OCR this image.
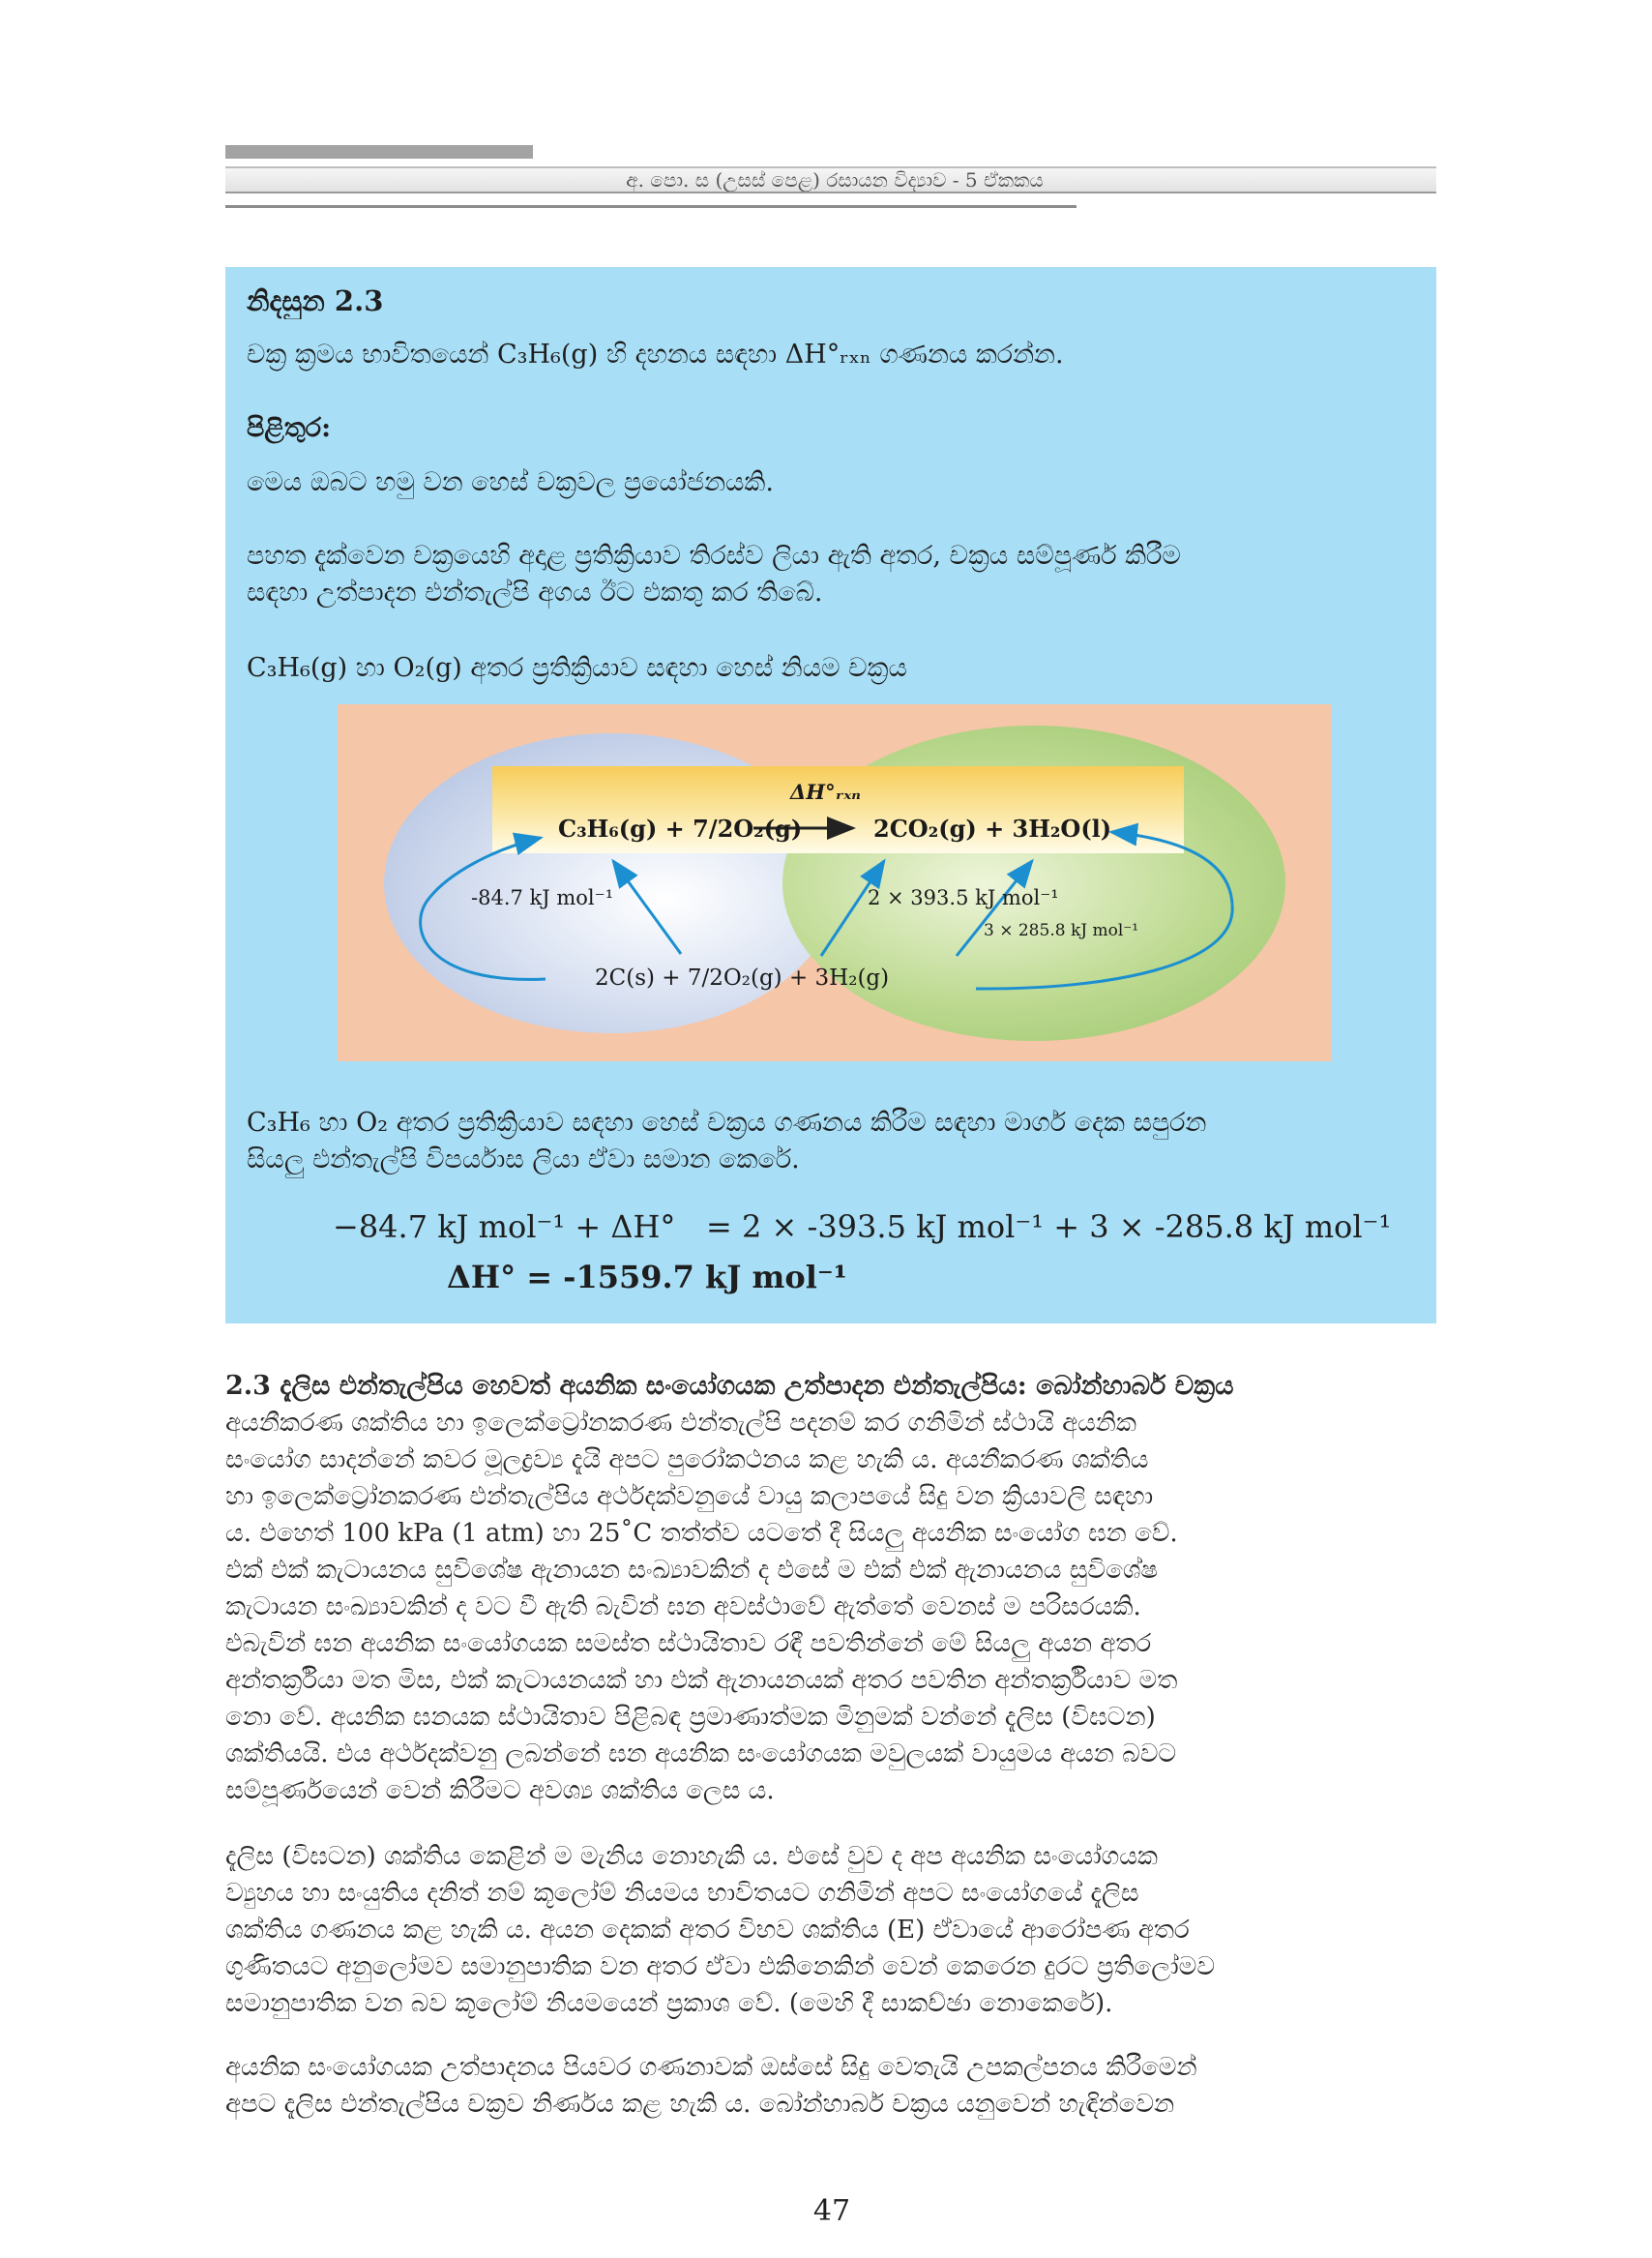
අ. පො. ස (උසස් පෙළ) රසායන විද්‍යාව - 5 ඒකකය
නිදසුන 2.3
චක්‍ර ක්‍රමය භාවිතයෙන් C₃H₆(g) හි දහනය සඳහා ΔH°ᵣₓₙ ගණනය කරන්න.
පිළිතුර:
මෙය ඔබට හමු වන හෙස් චක්‍රවල ප්‍රයෝජනයකි.
පහත දැක්වෙන චක්‍රයෙහි අදාළ ප්‍රතික්‍රියාව තිරස්ව ලියා ඇති අතර, චක්‍රය සම්පූර්ණ කිරීම
සඳහා උත්පාදන එන්තැල්පි අගය ඊට එකතු කර තිබේ.
C₃H₆(g) හා O₂(g) අතර ප්‍රතික්‍රියාව සඳහා හෙස් නියම චක්‍රය
ΔH°ᵣₓₙ
C₃H₆(g) + 7/2O₂(g)	2CO₂(g) + 3H₂O(l)
-84.7 kJ mol⁻¹	2 × 393.5 kJ mol⁻¹
3 × 285.8 kJ mol⁻¹
2C(s) + 7/2O₂(g) + 3H₂(g)
C₃H₆ හා O₂ අතර ප්‍රතික්‍රියාව සඳහා හෙස් චක්‍රය ගණනය කිරීම සඳහා මාර්ග දෙක සපුරන
සියලු එන්තැල්පි විපර්යාස ලියා ඒවා සමාන කෙරේ.
−84.7 kJ mol⁻¹ + ΔH° = 2 × -393.5 kJ mol⁻¹ + 3 × -285.8 kJ mol⁻¹
ΔH° = -1559.7 kJ mol⁻¹
2.3 දැලිස එන්තැල්පිය හෙවත් අයනික සංයෝගයක උත්පාදන එන්තැල්පිය: බෝන්හාබර් චක්‍රය
අයනීකරණ ශක්තිය හා ඉලෙක්ට්‍රෝනකරණ එන්තැල්පි පදනම් කර ගනිමින් ස්ථායි අයනික
සංයෝග සාදන්නේ කවර මූලද්‍රව්‍ය දැයි අපට පුරෝකථනය කළ හැකි ය. අයනීකරණ ශක්තිය
හා ඉලෙක්ට්‍රෝනකරණ එන්තැල්පිය අර්ථදක්වනුයේ වායු කලාපයේ සිදු වන ක්‍රියාවලි සඳහා
ය. එහෙත් 100 kPa (1 atm) හා 25˚C තත්ත්ව යටතේ දී සියලු අයනික සංයෝග ඝන වේ.
එක් එක් කැටායනය සුවිශේෂ ඇනායන සංඛ්‍යාවකින් ද එසේ ම එක් එක් ඇනායනය සුවිශේෂ
කැටායන සංඛ්‍යාවකින් ද වට වී ඇති බැවින් ඝන අවස්ථාවේ ඇත්තේ වෙනස් ම පරිසරයකි.
එබැවින් ඝන අයනික සංයෝගයක සමස්ත ස්ථායිතාව රඳී පවතින්නේ මේ සියලු අයන අතර
අන්තර්ක්‍රියා මත මිස, එක් කැටායනයක් හා එක් ඇනායනයක් අතර පවතින අන්තර්ක්‍රියාව මත
නො වේ. අයනික ඝනයක ස්ථායිතාව පිළිබඳ ප්‍රමාණාත්මක මිනුමක් වන්නේ දැලිස (විඝටන)
ශක්තියයි. එය අර්ථදක්වනු ලබන්නේ ඝන අයනික සංයෝගයක මවුලයක් වායුමය අයන බවට
සම්පූර්ණයෙන් වෙන් කිරීමට අවශ්‍ය ශක්තිය ලෙස ය.
දැලිස (විඝටන) ශක්තිය කෙළින් ම මැනිය නොහැකි ය. එසේ වුව ද අප අයනික සංයෝගයක
ව්‍යුහය හා සංයුතිය දනිත් නම් කූලෝම් නියමය භාවිතයට ගනිමින් අපට සංයෝගයේ දැලිස
ශක්තිය ගණනය කළ හැකි ය. අයන දෙකක් අතර විභව ශක්තිය (E) ඒවායේ ආරෝපණ අතර
ගුණිතයට අනුලෝමව සමානුපාතික වන අතර ඒවා එකිනෙකින් වෙන් කෙරෙන දුරට ප්‍රතිලෝමව
සමානුපාතික වන බව කූලෝම් නියමයෙන් ප්‍රකාශ වේ. (මෙහි දී සාකච්ඡා නොකෙරේ).
අයනික සංයෝගයක උත්පාදනය පියවර ගණනාවක් ඔස්සේ සිදු වෙතැයි උපකල්පනය කිරීමෙන්
අපට දැලිස එන්තැල්පිය චක්‍රව නිර්ණය කළ හැකි ය. බෝන්හාබර් චක්‍රය යනුවෙන් හැඳින්වෙන
47
